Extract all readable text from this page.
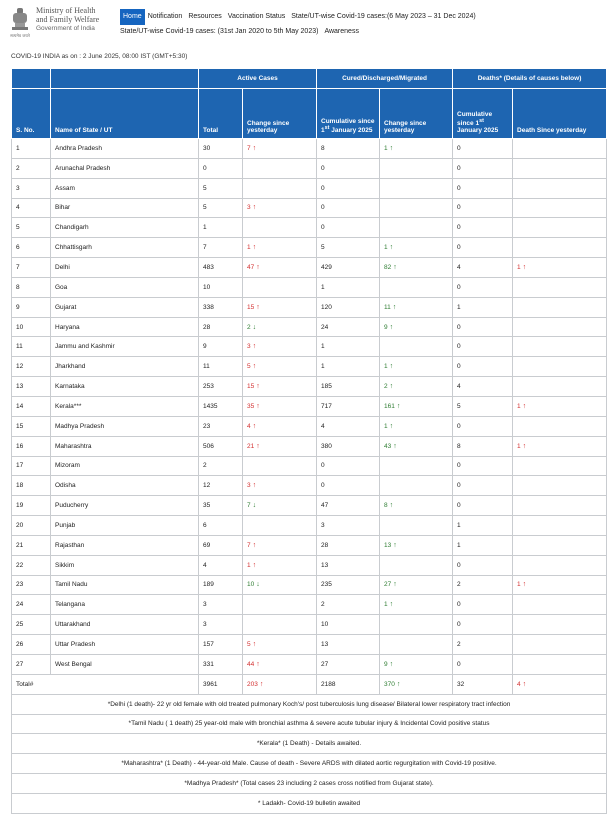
सत्यमेव जयते
Ministry of Health
and Family Welfare
Government of India
Home Notification Resources Vaccination Status State/UT-wise Covid-19 cases:(6 May 2023 – 31 Dec 2024)
State/UT-wise Covid-19 cases: (31st Jan 2020 to 5th May 2023) Awareness
COVID-19 INDIA as on : 2 June 2025, 08:00 IST (GMT+5:30)
		Active Cases		Cured/Discharged/Migrated		Deaths* (Details of causes below)	
S. No.	Name of State / UT	Total	Change since yesterday	Cumulative since 1st January 2025	Change since yesterday	Cumulative since 1st January 2025	Death Since yesterday
1	Andhra Pradesh	30	7 ↑	8	1 ↑	0	
2	Arunachal Pradesh	0		0		0	
3	Assam	5		0		0	
4	Bihar	5	3 ↑	0		0	
5	Chandigarh	1		0		0	
6	Chhattisgarh	7	1 ↑	5	1 ↑	0	
7	Delhi	483	47 ↑	429	82 ↑	4	1 ↑
8	Goa	10		1		0	
9	Gujarat	338	15 ↑	120	11 ↑	1	
10	Haryana	28	2 ↓	24	9 ↑	0	
11	Jammu and Kashmir	9	3 ↑	1		0	
12	Jharkhand	11	5 ↑	1	1 ↑	0	
13	Karnataka	253	15 ↑	185	2 ↑	4	
14	Kerala***	1435	35 ↑	717	161 ↑	5	1 ↑
15	Madhya Pradesh	23	4 ↑	4	1 ↑	0	
16	Maharashtra	506	21 ↑	380	43 ↑	8	1 ↑
17	Mizoram	2		0		0	
18	Odisha	12	3 ↑	0		0	
19	Puducherry	35	7 ↓	47	8 ↑	0	
20	Punjab	6		3		1	
21	Rajasthan	69	7 ↑	28	13 ↑	1	
22	Sikkim	4	1 ↑	13		0	
23	Tamil Nadu	189	10 ↓	235	27 ↑	2	1 ↑
24	Telangana	3		2	1 ↑	0	
25	Uttarakhand	3		10		0	
26	Uttar Pradesh	157	5 ↑	13		2	
27	West Bengal	331	44 ↑	27	9 ↑	0	
Total#		3961	203 ↑	2188	370 ↑	32	4 ↑
*Delhi (1 death)- 22 yr old female with old treated pulmonary Koch's/ post tuberculosis lung disease/ Bilateral lower respiratory tract infection							
*Tamil Nadu ( 1 death) 25 year-old male with bronchial asthma & severe acute tubular injury & Incidental Covid positive status							
*Kerala* (1 Death) - Details awaited.							
*Maharashtra* (1 Death) - 44-year-old Male. Cause of death - Severe ARDS with dilated aortic regurgitation with Covid-19 positive.							
*Madhya Pradesh* (Total cases 23 including 2 cases cross notified from Gujarat state).							
* Ladakh- Covid-19 bulletin awaited							
